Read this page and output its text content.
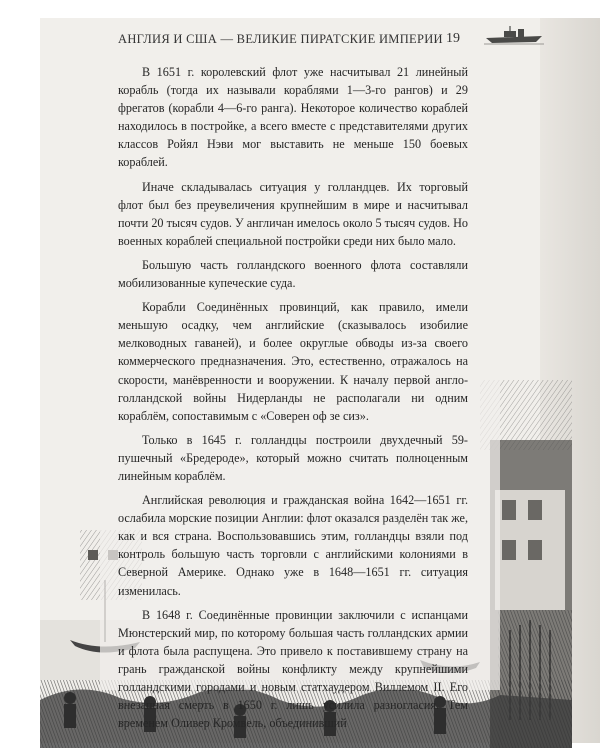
АНГЛИЯ И США — ВЕЛИКИЕ ПИРАТСКИЕ ИМПЕРИИ 19

В 1651 г. королевский флот уже насчитывал 21 линейный корабль (тогда их называли кораблями 1—3-го рангов) и 29 фрегатов (корабли 4—6-го ранга). Некоторое количество кораблей находилось в постройке, а всего вместе с представителями других классов Ройял Нэви мог выставить не меньше 150 боевых кораблей.

Иначе складывалась ситуация у голландцев. Их торговый флот был без преувеличения крупнейшим в мире и насчитывал почти 20 тысяч судов. У англичан имелось около 5 тысяч судов. Но военных кораблей специальной постройки среди них было мало.

Большую часть голландского военного флота составляли мобилизованные купеческие суда.

Корабли Соединённых провинций, как правило, имели меньшую осадку, чем английские (сказывалось изобилие мелководных гаваней), и более округлые обводы из-за своего коммерческого предназначения. Это, естественно, отражалось на скорости, манёвренности и вооружении. К началу первой англо-голландской войны Нидерланды не располагали ни одним кораблём, сопоставимым с «Соверен оф зе сиз».

Только в 1645 г. голландцы построили двухдечный 59-пушечный «Бредероде», который можно считать полноценным линейным кораблём.

Английская революция и гражданская война 1642—1651 гг. ослабила морские позиции Англии: флот оказался разделён так же, как и вся страна. Воспользовавшись этим, голландцы взяли под контроль большую часть торговли с английскими колониями в Северной Америке. Однако уже в 1648—1651 гг. ситуация изменилась.

В 1648 г. Соединённые провинции заключили с испанцами Мюнстерский мир, по которому большая часть голландских армии и флота была распущена. Это привело к поставившему страну на грань гражданской войны конфликту между крупнейшими голландскими городами и новым статхаудером Виллемом II. Его внезапная смерть в 1650 г. лишь усилила разногласия. Тем временем Оливер Кромвель, объединивший
